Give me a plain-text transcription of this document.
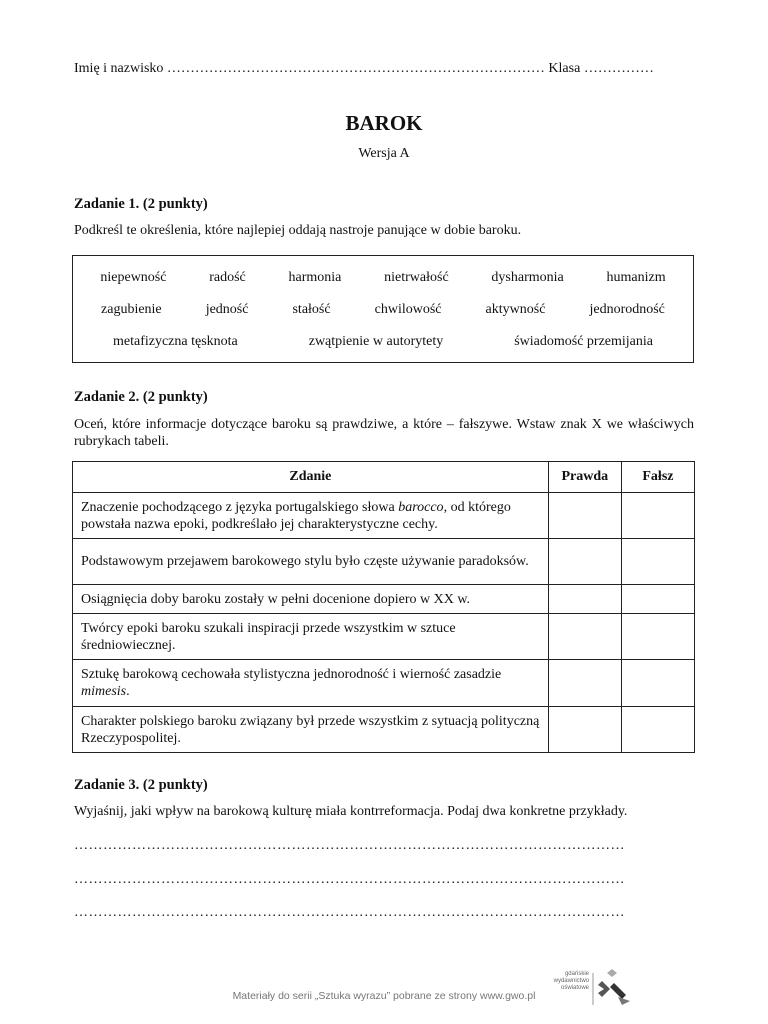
Imię i nazwisko ……………………………………………………………………… Klasa ……………
BAROK
Wersja A
Zadanie 1. (2 punkty)
Podkreśl te określenia, które najlepiej oddają nastroje panujące w dobie baroku.
niepewność	radość	harmonia	nietrwałość	dysharmonia	humanizm
zagubienie	jedność	stałość	chwilowość	aktywność	jednorodność
metafizyczna tęsknota	zwątpienie w autorytety	świadomość przemijania
Zadanie 2. (2 punkty)
Oceń, które informacje dotyczące baroku są prawdziwe, a które – fałszywe. Wstaw znak X we właściwych rubrykach tabeli.
Zdanie	Prawda	Fałsz
Znaczenie pochodzącego z języka portugalskiego słowa barocco, od którego powstała nazwa epoki, podkreślało jej charakterystyczne cechy.		
Podstawowym przejawem barokowego stylu było częste używanie paradoksów.		
Osiągnięcia doby baroku zostały w pełni docenione dopiero w XX w.		
Twórcy epoki baroku szukali inspiracji przede wszystkim w sztuce średniowiecznej.		
Sztukę barokową cechowała stylistyczna jednorodność i wierność zasadzie mimesis.		
Charakter polskiego baroku związany był przede wszystkim z sytuacją polityczną Rzeczypospolitej.		
Zadanie 3. (2 punkty)
Wyjaśnij, jaki wpływ na barokową kulturę miała kontrreformacja. Podaj dwa konkretne przykłady.
……………………………………………………………………………………………………
……………………………………………………………………………………………………
……………………………………………………………………………………………………
Materiały do serii „Sztuka wyrazu” pobrane ze strony www.gwo.pl
gdańskie
wydawnictwo
oświatowe
